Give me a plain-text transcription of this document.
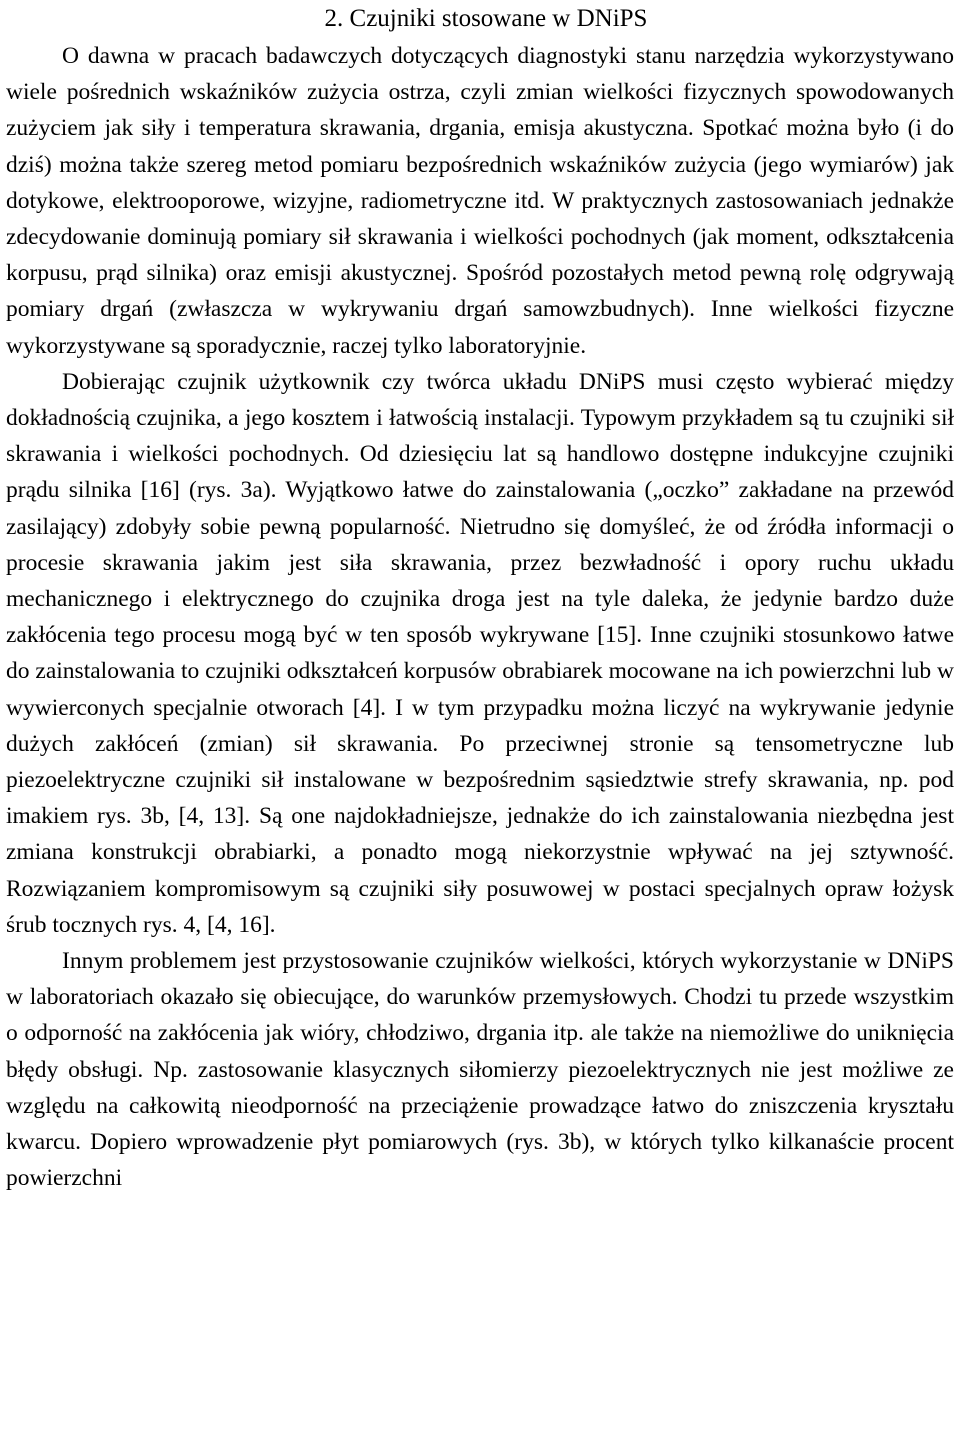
2. Czujniki stosowane w DNiPS

O dawna w pracach badawczych dotyczących diagnostyki stanu narzędzia wykorzystywano wiele pośrednich wskaźników zużycia ostrza, czyli zmian wielkości fizycznych spowodowanych zużyciem jak siły i temperatura skrawania, drgania, emisja akustyczna. Spotkać można było (i do dziś) można także szereg metod pomiaru bezpośrednich wskaźników zużycia (jego wymiarów) jak dotykowe, elektrooporowe, wizyjne, radiometryczne itd. W praktycznych zastosowaniach jednakże zdecydowanie dominują pomiary sił skrawania i wielkości pochodnych (jak moment, odkształcenia korpusu, prąd silnika) oraz emisji akustycznej. Spośród pozostałych metod pewną rolę odgrywają pomiary drgań (zwłaszcza w wykrywaniu drgań samowzbudnych). Inne wielkości fizyczne wykorzystywane są sporadycznie, raczej tylko laboratoryjnie.

Dobierając czujnik użytkownik czy twórca układu DNiPS musi często wybierać między dokładnością czujnika, a jego kosztem i łatwością instalacji. Typowym przykładem są tu czujniki sił skrawania i wielkości pochodnych. Od dziesięciu lat są handlowo dostępne indukcyjne czujniki prądu silnika [16] (rys. 3a). Wyjątkowo łatwe do zainstalowania („oczko” zakładane na przewód zasilający) zdobyły sobie pewną popularność. Nietrudno się domyśleć, że od źródła informacji o procesie skrawania jakim jest siła skrawania, przez bezwładność i opory ruchu układu mechanicznego i elektrycznego do czujnika droga jest na tyle daleka, że jedynie bardzo duże zakłócenia tego procesu mogą być w ten sposób wykrywane [15]. Inne czujniki stosunkowo łatwe do zainstalowania to czujniki odkształceń korpusów obrabiarek mocowane na ich powierzchni lub w wywierconych specjalnie otworach [4]. I w tym przypadku można liczyć na wykrywanie jedynie dużych zakłóceń (zmian) sił skrawania. Po przeciwnej stronie są tensometryczne lub piezoelektryczne czujniki sił instalowane w bezpośrednim sąsiedztwie strefy skrawania, np. pod imakiem rys. 3b, [4, 13]. Są one najdokładniejsze, jednakże do ich zainstalowania niezbędna jest zmiana konstrukcji obrabiarki, a ponadto mogą niekorzystnie wpływać na jej sztywność. Rozwiązaniem kompromisowym są czujniki siły posuwowej w postaci specjalnych opraw łożysk śrub tocznych rys. 4, [4, 16].

Innym problemem jest przystosowanie czujników wielkości, których wykorzystanie w DNiPS w laboratoriach okazało się obiecujące, do warunków przemysłowych. Chodzi tu przede wszystkim o odporność na zakłócenia jak wióry, chłodziwo, drgania itp. ale także na niemożliwe do uniknięcia błędy obsługi. Np. zastosowanie klasycznych siłomierzy piezoelektrycznych nie jest możliwe ze względu na całkowitą nieodporność na przeciążenie prowadzące łatwo do zniszczenia kryształu kwarcu. Dopiero wprowadzenie płyt pomiarowych (rys. 3b), w których tylko kilkanaście procent powierzchni
